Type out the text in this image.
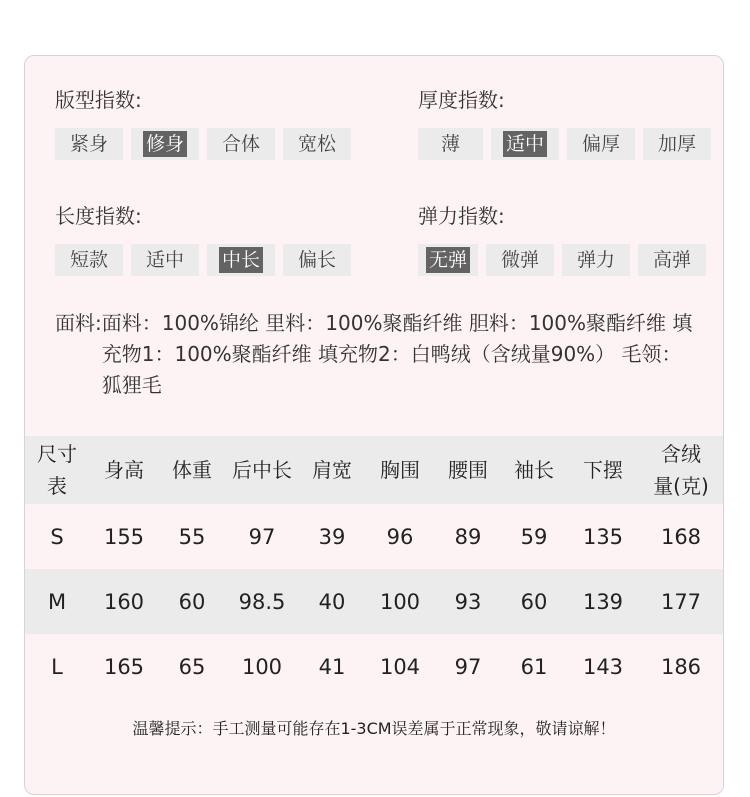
版型指数:
紧身	修身	合体	宽松
厚度指数:
薄	适中	偏厚	加厚
长度指数:
短款	适中	中长	偏长
弹力指数:
无弹	微弹	弹力	高弹
面料: 面料：100%锦纶 里料：100%聚酯纤维 胆料：100%聚酯纤维 填充物1：100%聚酯纤维 填充物2：白鸭绒（含绒量90%） 毛领：狐狸毛
尺寸表	身高	体重	后中长	肩宽	胸围	腰围	袖长	下摆	含绒量(克)
S	155	55	97	39	96	89	59	135	168
M	160	60	98.5	40	100	93	60	139	177
L	165	65	100	41	104	97	61	143	186
温馨提示：手工测量可能存在1-3CM误差属于正常现象，敬请谅解！
